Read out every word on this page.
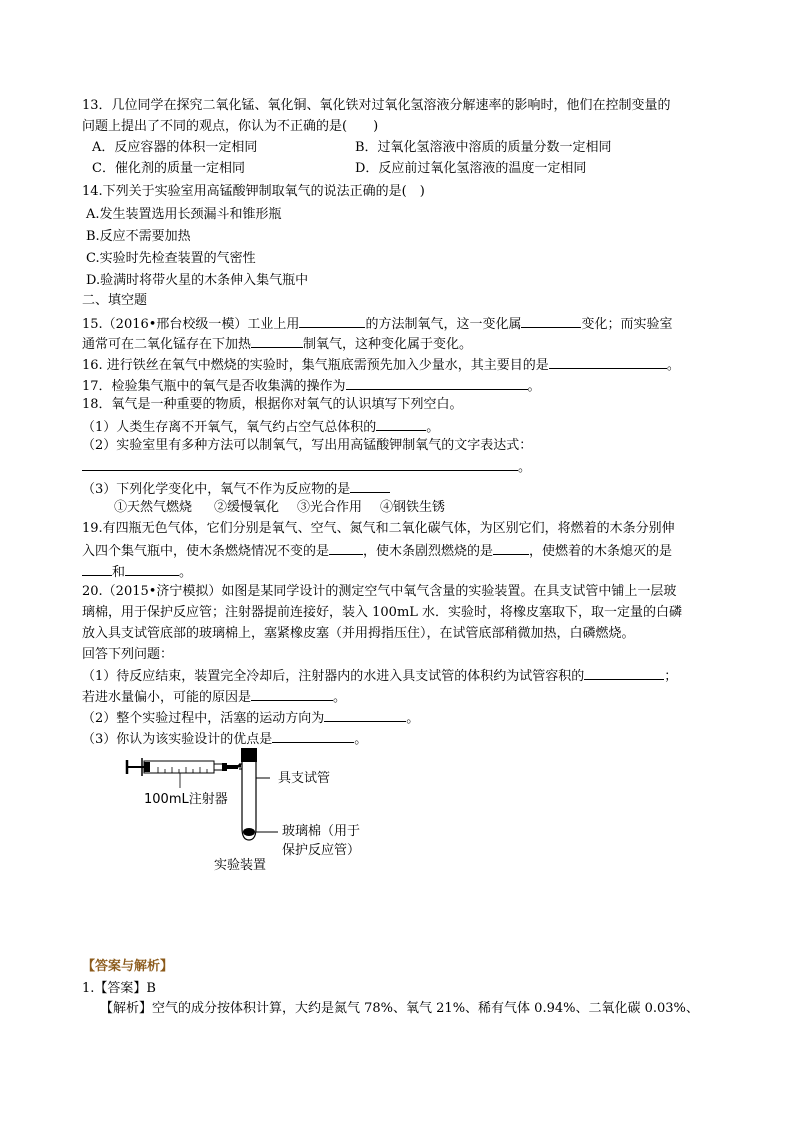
13．几位同学在探究二氧化锰、氧化铜、氧化铁对过氧化氢溶液分解速率的影响时，他们在控制变量的
问题上提出了不同的观点，你认为不正确的是(　　)
A．反应容器的体积一定相同	B．过氧化氢溶液中溶质的质量分数一定相同
C．催化剂的质量一定相同	D．反应前过氧化氢溶液的温度一定相同
14.下列关于实验室用高锰酸钾制取氧气的说法正确的是(　)
A.发生装置选用长颈漏斗和锥形瓶
B.反应不需要加热
C.实验时先检查装置的气密性
D.验满时将带火星的木条伸入集气瓶中
二、填空题
15.（2016•邢台校级一模）工业上用	的方法制氧气，这一变化属	变化；而实验室
通常可在二氧化锰存在下加热	制氧气，这种变化属于变化。
16. 进行铁丝在氧气中燃烧的实验时，集气瓶底需预先加入少量水，其主要目的是	。
17．检验集气瓶中的氧气是否收集满的操作为	。
18．氧气是一种重要的物质，根据你对氧气的认识填写下列空白。
（1）人类生存离不开氧气，氧气约占空气总体积的	。
（2）实验室里有多种方法可以制氧气，写出用高锰酸钾制氧气的文字表达式：
。
（3）下列化学变化中，氧气不作为反应物的是
①天然气燃烧 ②缓慢氧化 ③光合作用 ④钢铁生锈
19.有四瓶无色气体，它们分别是氧气、空气、氮气和二氧化碳气体，为区别它们，将燃着的木条分别伸
入四个集气瓶中，使木条燃烧情况不变的是	，使木条剧烈燃烧的是	，使燃着的木条熄灭的是
和	。
20.（2015•济宁模拟）如图是某同学设计的测定空气中氧气含量的实验装置。在具支试管中铺上一层玻
璃棉，用于保护反应管；注射器提前连接好，装入 100mL 水．实验时，将橡皮塞取下，取一定量的白磷
放入具支试管底部的玻璃棉上，塞紧橡皮塞（并用拇指压住），在试管底部稍微加热，白磷燃烧。
回答下列问题：
（1）待反应结束，装置完全冷却后，注射器内的水进入具支试管的体积约为试管容积的	；
若进水量偏小，可能的原因是	。
（2）整个实验过程中，活塞的运动方向为	。
（3）你认为该实验设计的优点是	。
具支试管
100mL注射器
玻璃棉（用于
保护反应管）
实验装置
【答案与解析】
1.【答案】B
【解析】空气的成分按体积计算，大约是氮气 78%、氧气 21%、稀有气体 0.94%、二氧化碳 0.03%、
